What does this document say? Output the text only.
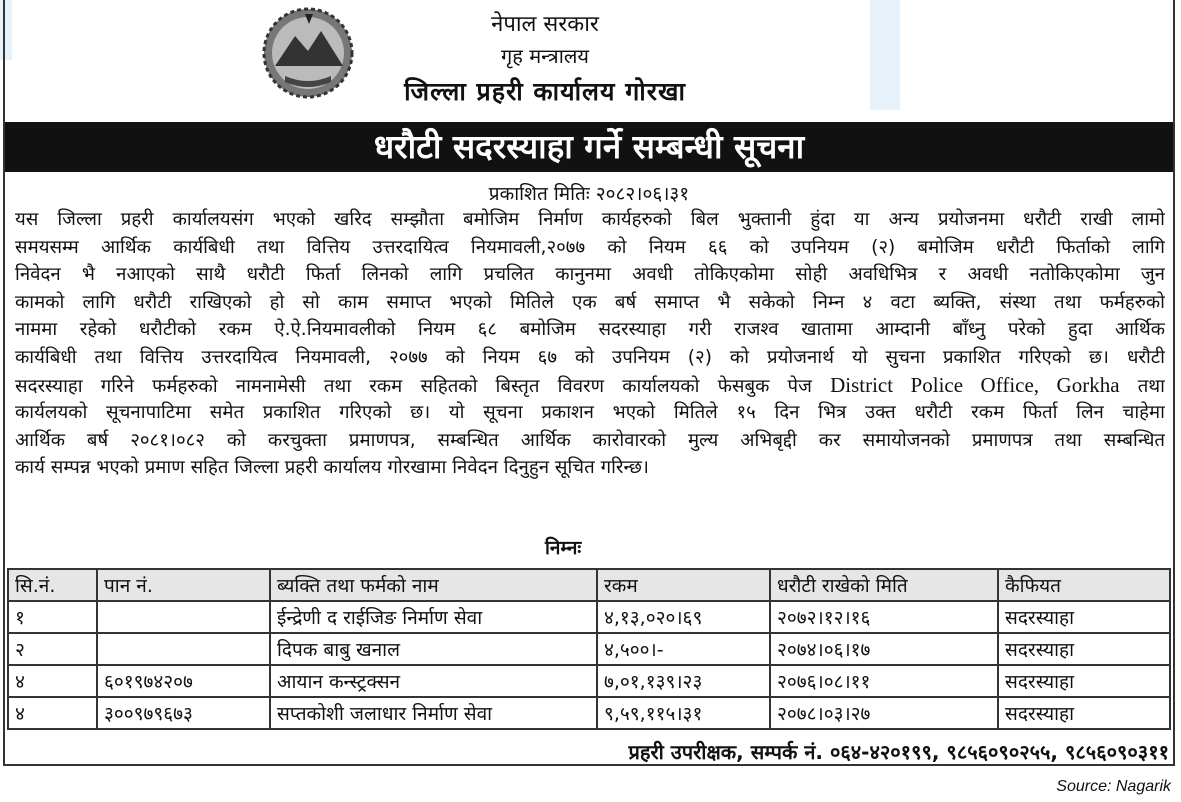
नेपाल सरकार
गृह मन्त्रालय
जिल्ला प्रहरी कार्यालय गोरखा
धरौटी सदरस्याहा गर्ने सम्बन्धी सूचना
प्रकाशित मितिः २०८२।०६।३१
यस जिल्ला प्रहरी कार्यालयसंग भएको खरिद सम्झौता बमोजिम निर्माण कार्यहरुको बिल भुक्तानी हुंदा या अन्य प्रयोजनमा धरौटी राखी लामो
समयसम्म आर्थिक कार्यबिधी तथा वित्तिय उत्तरदायित्व नियमावली,२०७७ को नियम ६६ को उपनियम (२) बमोजिम धरौटी फिर्ताको लागि
निवेदन भै नआएको साथै धरौटी फिर्ता लिनको लागि प्रचलित कानुनमा अवधी तोकिएकोमा सोही अवधिभित्र र अवधी नतोकिएकोमा जुन
कामको लागि धरौटी राखिएको हो सो काम समाप्त भएको मितिले एक बर्ष समाप्त भै सकेको निम्न ४ वटा ब्यक्ति, संस्था तथा फर्महरुको
नाममा रहेको धरौटीको रकम ऐ.ऐ.नियमावलीको नियम ६८ बमोजिम सदरस्याहा गरी राजश्व खातामा आम्दानी बाँध्नु परेको हुदा आर्थिक
कार्यबिधी तथा वित्तिय उत्तरदायित्व नियमावली, २०७७ को नियम ६७ को उपनियम (२) को प्रयोजनार्थ यो सुचना प्रकाशित गरिएको छ। धरौटी
सदरस्याहा गरिने फर्महरुको नामनामेसी तथा रकम सहितको बिस्तृत विवरण कार्यालयको फेसबुक पेज District Police Office, Gorkha तथा
कार्यलयको सूचनापाटिमा समेत प्रकाशित गरिएको छ। यो सूचना प्रकाशन भएको मितिले १५ दिन भित्र उक्त धरौटी रकम फिर्ता लिन चाहेमा
आर्थिक बर्ष २०८१।०८२ को करचुक्ता प्रमाणपत्र, सम्बन्धित आर्थिक कारोवारको मुल्य अभिबृद्दी कर समायोजनको प्रमाणपत्र तथा सम्बन्धित
कार्य सम्पन्न भएको प्रमाण सहित जिल्ला प्रहरी कार्यालय गोरखामा निवेदन दिनुहुन सूचित गरिन्छ।
निम्नः
सि.नं.	पान नं.	ब्यक्ति तथा फर्मको नाम	रकम	धरौटी राखेको मिति	कैफियत
१		ईन्द्रेणी द राईजिङ निर्माण सेवा	४,१३,०२०।६९	२०७२।१२।१६	सदरस्याहा
२		दिपक बाबु खनाल	४,५००।-	२०७४।०६।१७	सदरस्याहा
४	६०१९७४२०७	आयान कन्स्ट्रक्सन	७,०१,१३९।२३	२०७६।०८।११	सदरस्याहा
४	३००९७९६७३	सप्तकोशी जलाधार निर्माण सेवा	९,५९,११५।३१	२०७८।०३।२७	सदरस्याहा
प्रहरी उपरीक्षक, सम्पर्क नं. ०६४-४२०१९९, ९८५६०९०२५५, ९८५६०९०३११
Source: Nagarik
